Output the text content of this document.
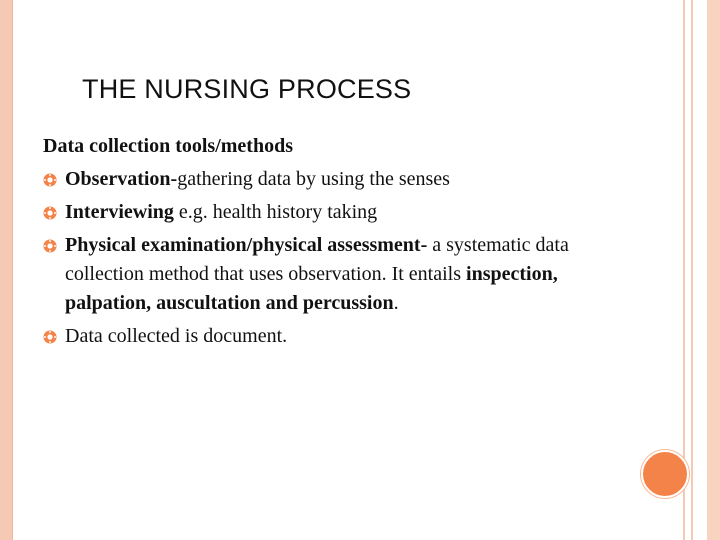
THE NURSING PROCESS
Data collection tools/methods
Observation-gathering data by using the senses
Interviewing e.g. health history taking
Physical examination/physical assessment- a systematic data collection method that uses observation. It entails inspection, palpation, auscultation and percussion.
Data collected is document.
